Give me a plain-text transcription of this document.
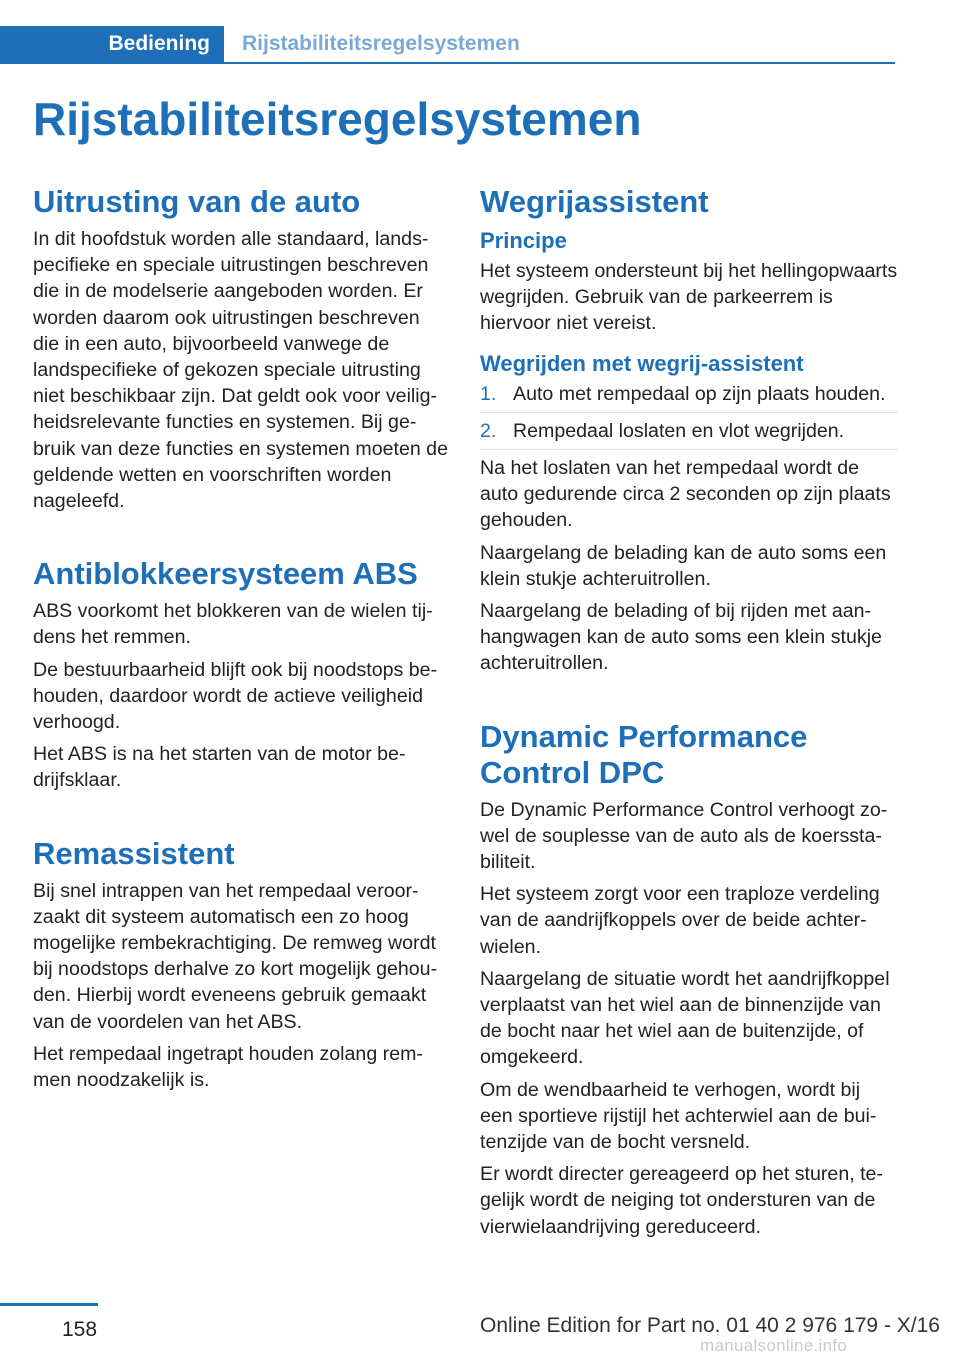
Bediening Rijstabiliteitsregelsystemen
Rijstabiliteitsregelsystemen
Uitrusting van de auto

In dit hoofdstuk worden alle standaard, landspecifieke en speciale uitrustingen beschreven die in de modelserie aangeboden worden. Er worden daarom ook uitrustingen beschreven die in een auto, bijvoorbeeld vanwege de landspecifieke of gekozen speciale uitrusting niet beschikbaar zijn. Dat geldt ook voor veiligheidsrelevante functies en systemen. Bij gebruik van deze functies en systemen moeten de geldende wetten en voorschriften worden nageleefd.

Antiblokkeersysteem ABS

ABS voorkomt het blokkeren van de wielen tijdens het remmen.

De bestuurbaarheid blijft ook bij noodstops behouden, daardoor wordt de actieve veiligheid verhoogd.

Het ABS is na het starten van de motor bedrijfsklaar.

Remassistent

Bij snel intrappen van het rempedaal veroorzaakt dit systeem automatisch een zo hoog mogelijke rembekrachtiging. De remweg wordt bij noodstops derhalve zo kort mogelijk gehouden. Hierbij wordt eveneens gebruik gemaakt van de voordelen van het ABS.

Het rempedaal ingetrapt houden zolang remmen noodzakelijk is.

Wegrijassistent
Principe

Het systeem ondersteunt bij het hellingopwaarts wegrijden. Gebruik van de parkeerrem is hiervoor niet vereist.

Wegrijden met wegrij-assistent
1. Auto met rempedaal op zijn plaats houden.
2. Rempedaal loslaten en vlot wegrijden.

Na het loslaten van het rempedaal wordt de auto gedurende circa 2 seconden op zijn plaats gehouden.

Naargelang de belading kan de auto soms een klein stukje achteruitrollen.

Naargelang de belading of bij rijden met aanhangwagen kan de auto soms een klein stukje achteruitrollen.

Dynamic Performance Control DPC

De Dynamic Performance Control verhoogt zowel de souplesse van de auto als de koersstabiliteit.

Het systeem zorgt voor een traploze verdeling van de aandrijfkoppels over de beide achterwielen.

Naargelang de situatie wordt het aandrijfkoppel verplaatst van het wiel aan de binnenzijde van de bocht naar het wiel aan de buitenzijde, of omgekeerd.

Om de wendbaarheid te verhogen, wordt bij een sportieve rijstijl het achterwiel aan de buitenzijde van de bocht versneld.

Er wordt directer gereageerd op het sturen, tegelijk wordt de neiging tot ondersturen van de vierwielaandrijving gereduceerd.

158	Online Edition for Part no. 01 40 2 976 179 - X/16
manualsonline.info
